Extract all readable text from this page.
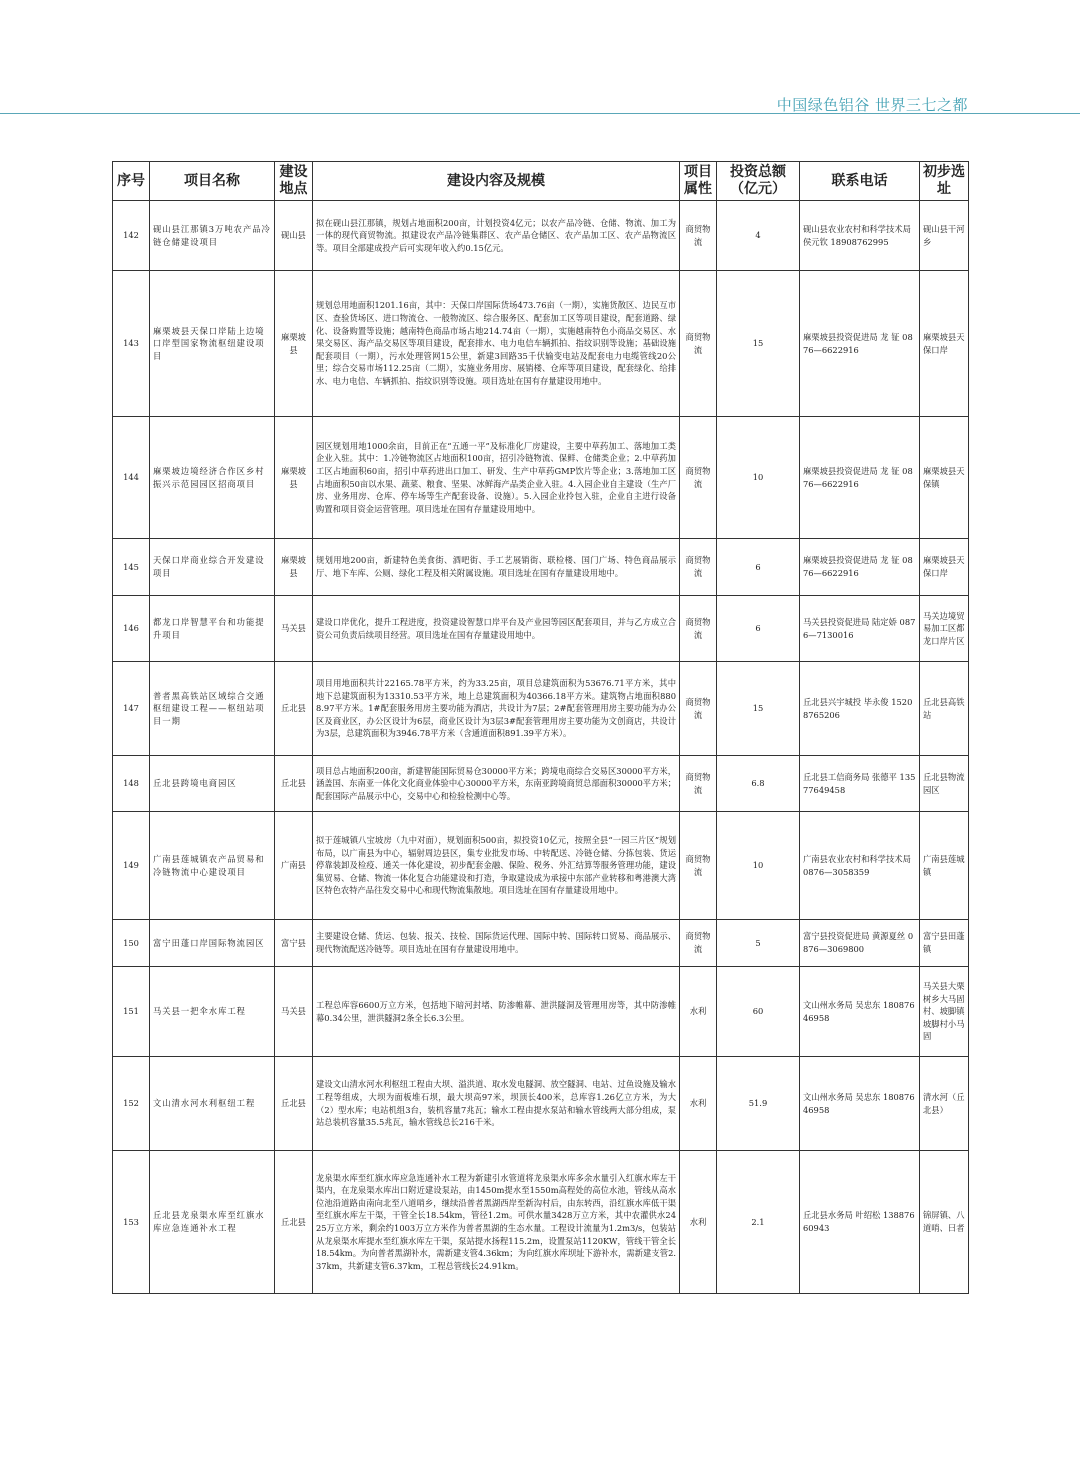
中国绿色铝谷 世界三七之都
序号	项目名称	建设地点	建设内容及规模	项目属性	投资总额（亿元）	联系电话	初步选址
142	砚山县江那镇3万吨农产品冷链仓储建设项目	砚山县	拟在砚山县江那镇，规划占地面积200亩，计划投资4亿元；以农产品冷链、仓储、物流、加工为一体的现代商贸物流。拟建设农产品冷链集群区、农产品仓储区、农产品加工区、农产品物流区等。项目全部建成投产后可实现年收入约0.15亿元。	商贸物流	4	砚山县农业农村和科学技术局 侯元钦 18908762995	砚山县干河乡
143	麻栗坡县天保口岸陆上边境口岸型国家物流枢纽建设项目	麻栗坡县	规划总用地面积1201.16亩，其中：天保口岸国际货场473.76亩（一期），实施货散区、边民互市区、查验货场区、进口物流仓、一般物流区、综合服务区、配套加工区等项目建设，配套道路、绿化、设备购置等设施；越南特色商品市场占地214.74亩（一期），实施越南特色小商品交易区、水果交易区、海产品交易区等项目建设，配套排水、电力电信车辆抓拍、指纹识别等设施；基础设施配套项目（一期），污水处理管网15公里，新建3回路35千伏输变电站及配套电力电缆管线20公里；综合交易市场112.25亩（二期），实施业务用房、展销楼、仓库等项目建设，配套绿化、给排水、电力电信、车辆抓拍、指纹识别等设施。项目选址在国有存量建设用地中。	商贸物流	15	麻栗坡县投资促进局 龙 钲 0876—6622916	麻栗坡县天保口岸
144	麻栗坡边境经济合作区乡村振兴示范园园区招商项目	麻栗坡县	园区规划用地1000余亩，目前正在“五通一平”及标准化厂房建设，主要中草药加工、落地加工类企业入驻。其中：1.冷链物流区占地面积100亩，招引冷链物流、保鲜、仓储类企业；2.中草药加工区占地面积60亩，招引中草药进出口加工、研发、生产中草药GMP饮片等企业；3.落地加工区占地面积50亩以水果、蔬菜、粮食、坚果、冰鲜海产品类企业入驻。4.入园企业自主建设（生产厂房、业务用房、仓库、停车场等生产配套设备、设施）。5.入园企业拎包入驻，企业自主进行设备购置和项目资金运营管理。项目选址在国有存量建设用地中。	商贸物流	10	麻栗坡县投资促进局 龙 钲 0876—6622916	麻栗坡县天保镇
145	天保口岸商业综合开发建设项目	麻栗坡县	规划用地200亩，新建特色美食街、酒吧街、手工艺展销街、联检楼、国门广场、特色商品展示厅、地下车库、公厕、绿化工程及相关附属设施。项目选址在国有存量建设用地中。	商贸物流	6	麻栗坡县投资促进局 龙 钲 0876—6622916	麻栗坡县天保口岸
146	都龙口岸智慧平台和功能提升项目	马关县	建设口岸优化，提升工程进度，投资建设智慧口岸平台及产业园等园区配套项目，并与乙方成立合资公司负责后续项目经营。项目选址在国有存量建设用地中。	商贸物流	6	马关县投资促进局 陆定娇 0876—7130016	马关边境贸易加工区都龙口岸片区
147	普者黑高铁站区域综合交通枢纽建设工程——枢纽站项目一期	丘北县	项目用地面积共计22165.78平方米，约为33.25亩，项目总建筑面积为53676.71平方米，其中地下总建筑面积为13310.53平方米，地上总建筑面积为40366.18平方米。建筑物占地面积8808.97平方米。1#配套服务用房主要功能为酒店，共设计为7层；2#配套管理用房主要功能为办公区及商业区，办公区设计为6层，商业区设计为3层3#配套管理用房主要功能为文创商店，共设计为3层，总建筑面积为3946.78平方米（含通道面积891.39平方米）。	商贸物流	15	丘北县兴宇城投 毕永俊 15208765206	丘北县高铁站
148	丘北县跨境电商园区	丘北县	项目总占地面积200亩，新建智能国际贸易仓30000平方米；跨境电商综合交易区30000平方米，涵盖国、东南亚一体化文化商业体验中心30000平方米，东南亚跨境商贸总部面积30000平方米；配套国际产品展示中心，交易中心和检验检测中心等。	商贸物流	6.8	丘北县工信商务局 张德平 13577649458	丘北县物流园区
149	广南县莲城镇农产品贸易和冷链物流中心建设项目	广南县	拟于莲城镇八宝坡房（九中对面），规划面积500亩，拟投资10亿元，按照全县“一园三片区”规划布局，以广南县为中心，辐射周边县区，集专业批发市场、中转配送、冷链仓储、分拣包装、货运停靠装卸及检疫、通关一体化建设，初步配套金融、保险、税务、外汇结算等服务管理功能，建设集贸易、仓储、物流一体化复合功能建设和打造，争取建设成为承接中东部产业转移和粤港澳大湾区特色农特产品往发交易中心和现代物流集散地。项目选址在国有存量建设用地中。	商贸物流	10	广南县农业农村和科学技术局 0876—3058359	广南县莲城镇
150	富宁田蓬口岸国际物流园区	富宁县	主要建设仓储、货运、包装、报关、技检、国际货运代理、国际中转、国际转口贸易、商品展示、现代物流配送冷链等。项目选址在国有存量建设用地中。	商贸物流	5	富宁县投资促进局 黄源夏丝 0876—3069800	富宁县田蓬镇
151	马关县一把伞水库工程	马关县	工程总库容6600万立方米，包括地下暗河封堵、防渗帷幕、泄洪隧洞及管理用房等，其中防渗帷幕0.34公里，泄洪隧洞2条全长6.3公里。	水利	60	文山州水务局 吴忠东 18087646958	马关县大栗树乡大马固村、坡脚镇坡脚村小马固
152	文山清水河水利枢纽工程	丘北县	建设文山清水河水利枢纽工程由大坝、溢洪道、取水发电隧洞、放空隧洞、电站、过鱼设施及输水工程等组成，大坝为面板堆石坝，最大坝高97米，坝顶长400米，总库容1.26亿立方米，为大（2）型水库；电站机组3台，装机容量7兆瓦；输水工程由提水泵站和输水管线两大部分组成，泵站总装机容量35.5兆瓦，输水管线总长216千米。	水利	51.9	文山州水务局 吴忠东 18087646958	清水河（丘北县）
153	丘北县龙泉渠水库至红旗水库应急连通补水工程	丘北县	龙泉渠水库至红旗水库应急连通补水工程为新建引水管道将龙泉渠水库多余水量引入红旗水库左干渠内，在龙泉渠水库出口附近建设泵站，由1450m提水至1550m高程处的高位水池，管线从高水位池沿道路由南向北至八道哨乡，继续沿普者黑湖西岸至新沟村后，由东转西，沿红旗水库低干渠至红旗水库左干渠，干管全长18.54km，管径1.2m。可供水量3428万立方米，其中农灌供水2425万立方米，剩余约1003万立方米作为普者黑湖的生态水量。工程设计流量为1.2m3/s，包装站从龙泉渠水库提水至红旗水库左干渠，泵站提水扬程115.2m，设置泵站1120KW，管线干管全长18.54km。为向普者黑湖补水，需新建支管4.36km；为向红旗水库坝址下游补水，需新建支管2.37km，共新建支管6.37km，工程总管线长24.91km。	水利	2.1	丘北县水务局 叶绍松 13887660943	锦屏镇、八道哨、曰者
